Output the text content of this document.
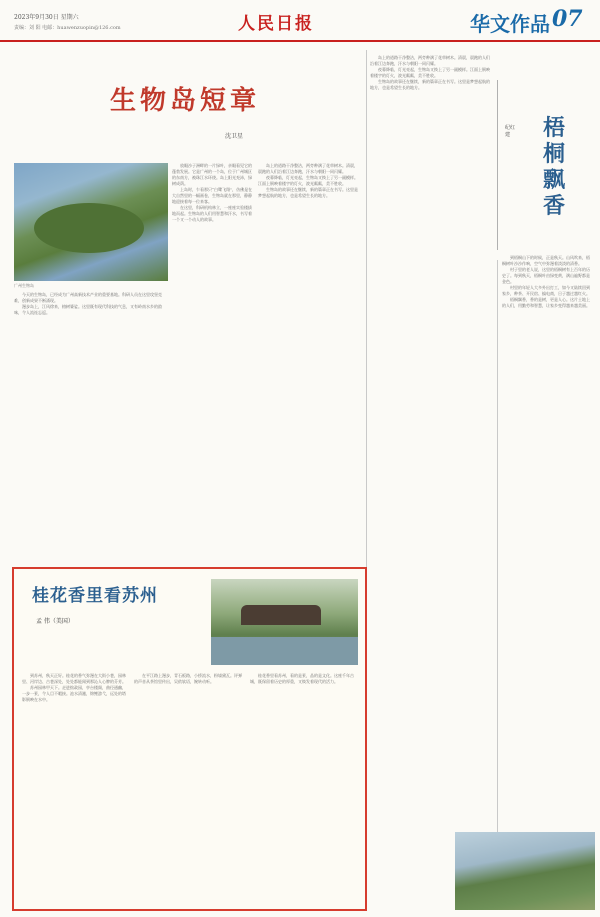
2023年9月30日 星期六
责编：刘 阳 电邮：huawenzuopin@126.com	人民日报	华文作品 07
生物岛短章
沈卫星
广州生物岛

放眼沙子洲畔的一片绿叶，亲眼看见它的蓬勃发展。它是广州的一个岛，位于广州城区的东南方，被珠江水环绕。岛上阳光充沛，绿树成荫。

上岛时，乍看那只“白鹭飞翔”，仿佛是在大自然里的一幅画卷，生物岛就在那里，静静地迎接着每一位来客。

在这里，科研机构林立，一座座实验楼拔地而起。生物岛的人们用智慧和汗水，书写着一个又一个动人的故事。

今天的生物岛，已经成为广州高新技术产业的重要基地。科研人员在这里攻坚克难，创新成果不断涌现。

漫步岛上，江风徐来，榕树婆娑。这里既有现代科技的气息，又有岭南水乡的韵味，令人流连忘返。

岛上的道路干净整洁，两旁种满了花草树木。清晨，晨跑的人们沿着江边奔跑，汗水与朝阳一同闪耀。

夜幕降临，灯光亮起，生物岛又换上了另一副模样。江面上倒映着楼宇的灯火，波光粼粼，美不胜收。

生物岛的故事还在继续，新的篇章正在书写。这里是梦想起航的地方，也是希望生长的地方。

岛上的道路干净整洁，两旁种满了花草树木。清晨，晨跑的人们沿着江边奔跑，汗水与朝阳一同闪耀。

夜幕降临，灯光亮起，生物岛又换上了另一副模样。江面上倒映着楼宇的灯火，波光粼粼，美不胜收。

生物岛的故事还在继续，新的篇章正在书写。这里是梦想起航的地方，也是希望生长的地方。

梧桐飘香
纪红建

到梧桐山下的时候，正是秋天。山风吹来，梧桐树叶沙沙作响，空气中弥漫着淡淡的清香。

村子里的老人说，这里的梧桐树有上百年的历史了。每到秋天，梧桐叶由绿变黄，满山遍野都是金色。

村里的年轻人大多外出打工，如今又陆续回到家乡，种茶、开民宿、搞电商，日子越过越红火。

梧桐飘香，香的是树，更是人心。这片土地上的人们，用勤劳和智慧，让家乡变得越来越美丽。

桂花香里看苏州
孟 伟（美国）

到苏州，秋天正好。桂花的香气弥漫在大街小巷，园林里、河岸边、古巷深处，处处都能闻到那沁人心脾的芬芳。

苏州园林甲天下。走进拙政园，亭台楼阁，曲径通幽，一步一景，令人目不暇接。池水清澈，锦鲤游弋，远处的塔影倒映在水中。

在平江路上漫步，青石板路，小桥流水，粉墙黛瓦。评弹的声音从茶馆里传出，吴侬软语，婉转动听。

桂花香里看苏州，看的是景，品的是文化。这座千年古城，既保留着历史的厚重，又焕发着现代的活力。
